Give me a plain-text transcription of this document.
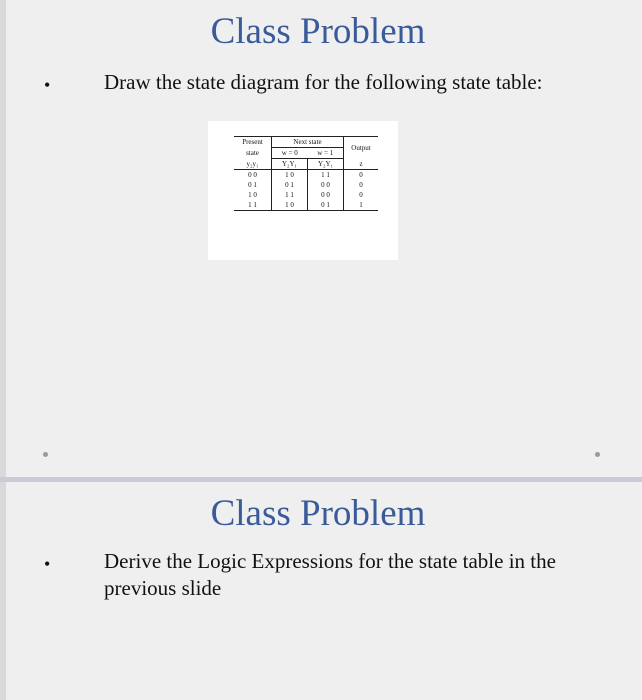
Class Problem
•	Draw the state diagram for the following state table:
Present	Next state		Output
state	w = 0	w = 1	
y₂y₁	Y₂Y₁	Y₂Y₁	z
0 0	1 0	1 1	0
0 1	0 1	0 0	0
1 0	1 1	0 0	0
1 1	1 0	0 1	1
Class Problem
•	Derive the Logic Expressions for the state table in the
previous slide
